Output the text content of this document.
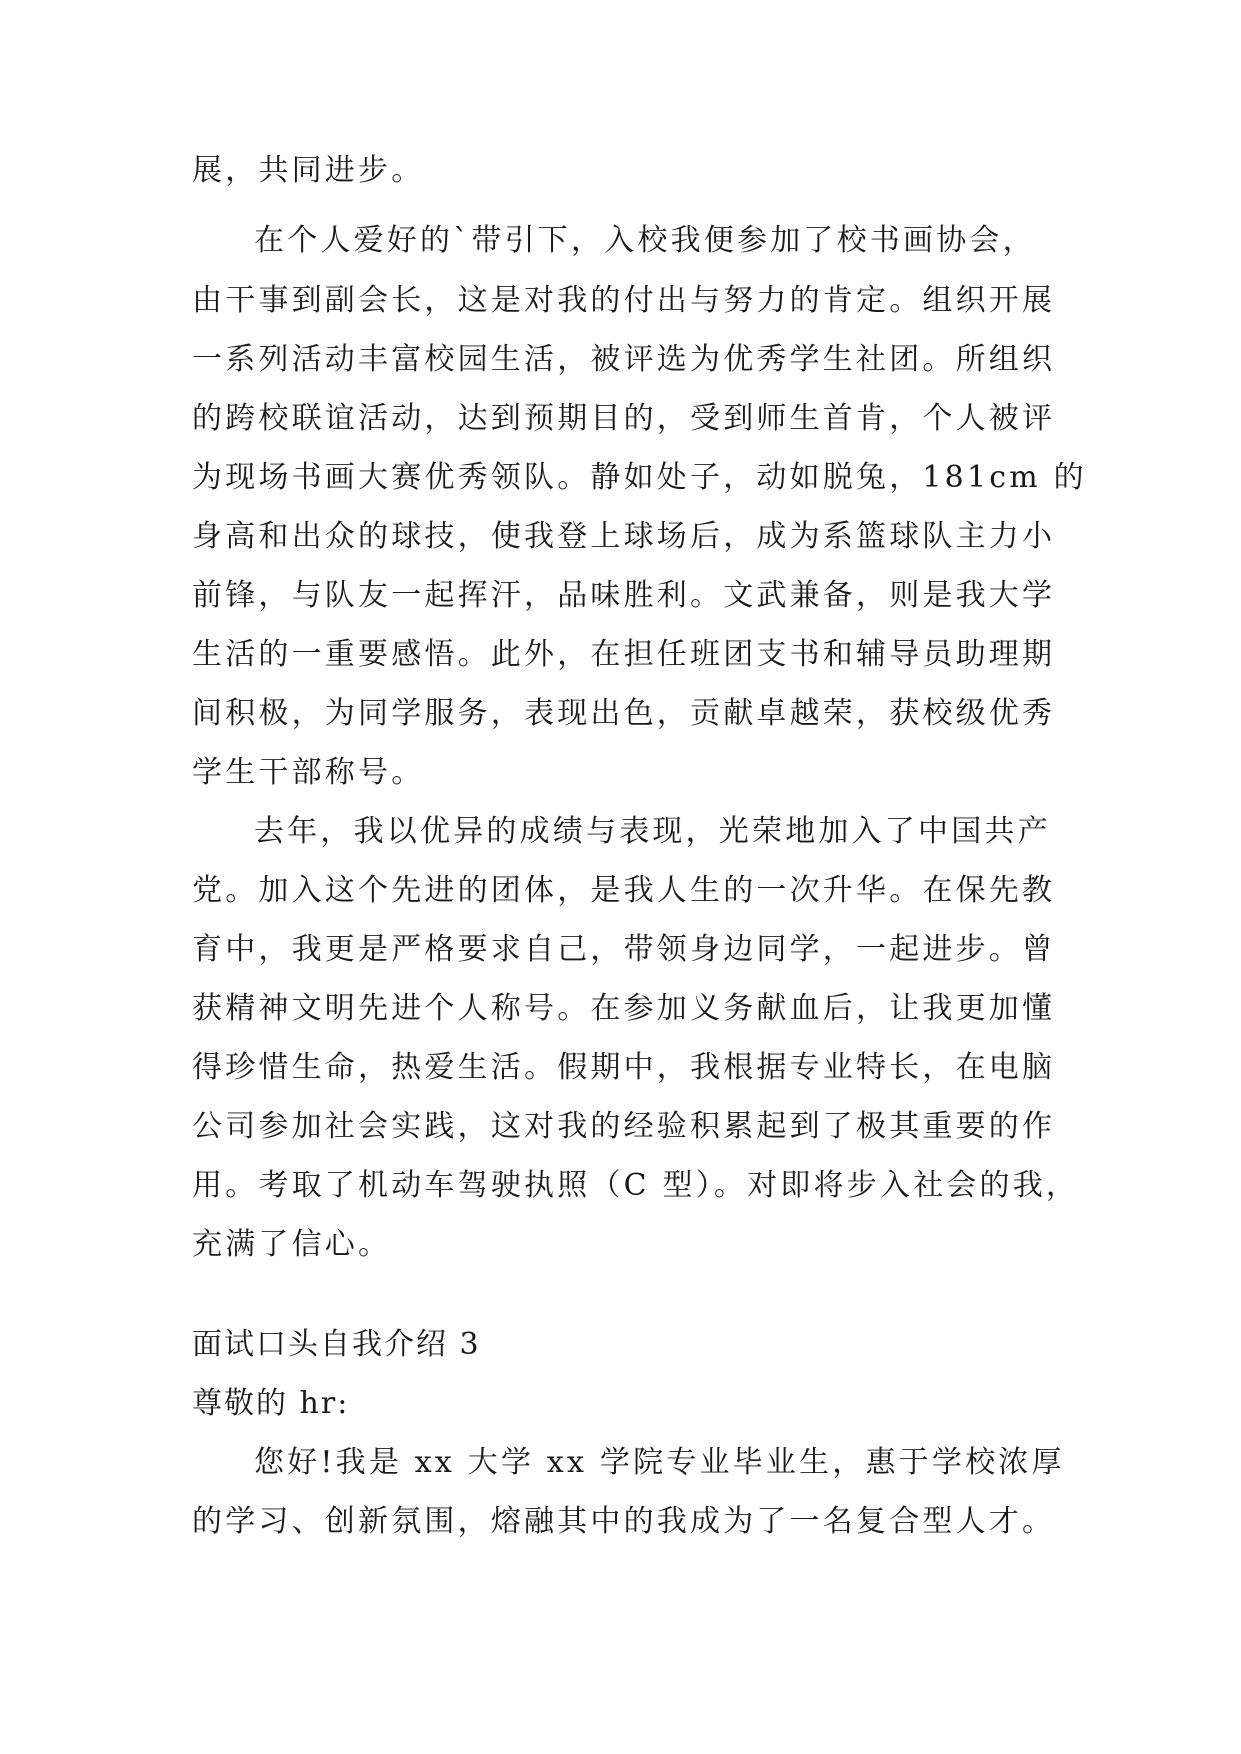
展，共同进步。
在个人爱好的`带引下，入校我便参加了校书画协会，
由干事到副会长，这是对我的付出与努力的肯定。组织开展
一系列活动丰富校园生活，被评选为优秀学生社团。所组织
的跨校联谊活动，达到预期目的，受到师生首肯，个人被评
为现场书画大赛优秀领队。静如处子，动如脱兔，181cm 的
身高和出众的球技，使我登上球场后，成为系篮球队主力小
前锋，与队友一起挥汗，品味胜利。文武兼备，则是我大学
生活的一重要感悟。此外，在担任班团支书和辅导员助理期
间积极，为同学服务，表现出色，贡献卓越荣，获校级优秀
学生干部称号。
去年，我以优异的成绩与表现，光荣地加入了中国共产
党。加入这个先进的团体，是我人生的一次升华。在保先教
育中，我更是严格要求自己，带领身边同学，一起进步。曾
获精神文明先进个人称号。在参加义务献血后，让我更加懂
得珍惜生命，热爱生活。假期中，我根据专业特长，在电脑
公司参加社会实践，这对我的经验积累起到了极其重要的作
用。考取了机动车驾驶执照（C 型）。对即将步入社会的我，
充满了信心。
面试口头自我介绍 3
尊敬的 hr:
您好!我是 xx 大学 xx 学院专业毕业生，惠于学校浓厚
的学习、创新氛围，熔融其中的我成为了一名复合型人才。
